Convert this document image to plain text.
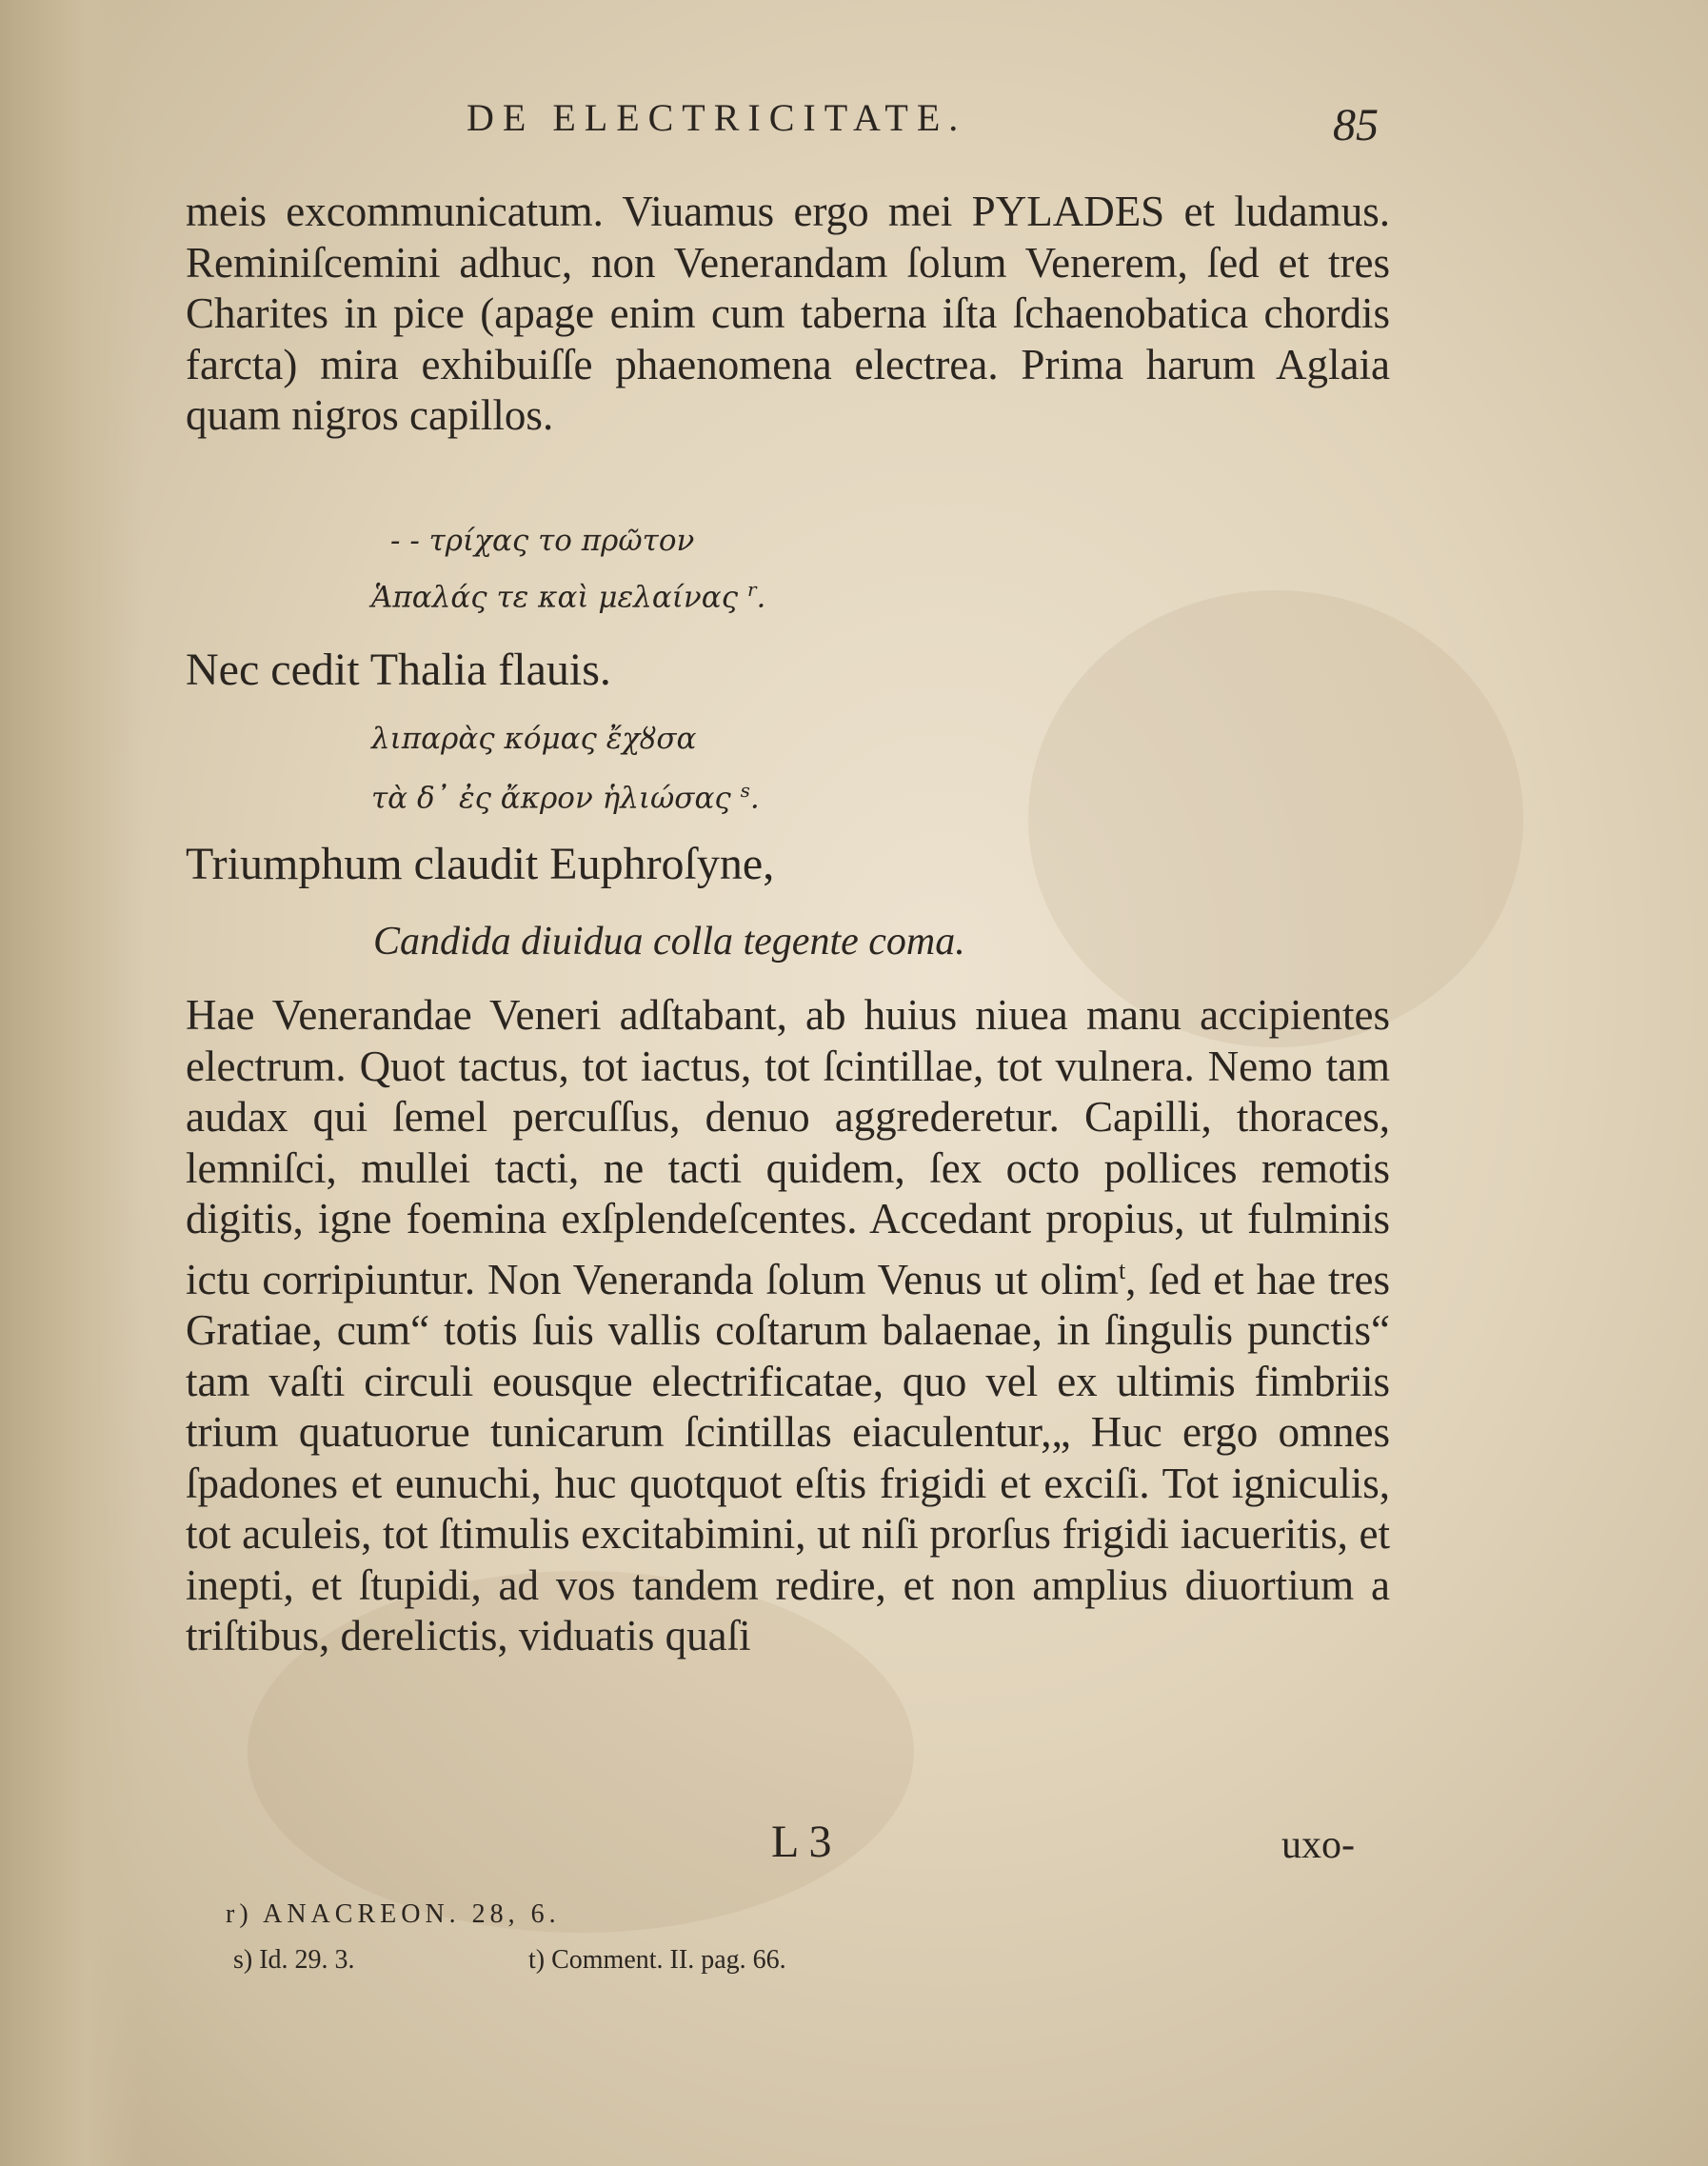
DE ELECTRICITATE.	85
meis excommunicatum. Viuamus ergo mei PYLADES et ludamus. Reminiſcemini adhuc, non Venerandam ſolum Venerem, ſed et tres Charites in pice (apage enim cum taberna iſta ſchaenobatica chordis farcta) mira exhibuiſſe phaenomena electrea. Prima harum Aglaia quam nigros capillos.
- - τρίχας το πρῶτον
Ἁπαλάς τε καὶ μελαίνας $^r$.
Nec cedit Thalia flauis.
λιπαρὰς κόμας ἔχȣσα
τὰ δ᾽ ἐς ἄκρον ἡλιώσας $^s$.
Triumphum claudit Euphroſyne,
Candida diuidua colla tegente coma.
Hae Venerandae Veneri adſtabant, ab huius niuea manu accipientes electrum. Quot tactus, tot iactus, tot ſcintillae, tot vulnera. Nemo tam audax qui ſemel percuſſus, denuo aggrederetur. Capilli, thoraces, lemniſci, mullei tacti, ne tacti quidem, ſex octo pollices remotis digitis, igne foemina exſplendeſcentes. Accedant propius, ut fulminis ictu corripiuntur. Non Veneranda ſolum Venus ut olim$^t$, ſed et hae tres Gratiae, cum“ totis ſuis vallis coſtarum balaenae, in ſingulis punctis“ tam vaſti circuli eousque electrificatae, quo vel ex ultimis fimbriis trium quatuorue tunicarum ſcintillas eiaculentur,„ Huc ergo omnes ſpadones et eunuchi, huc quotquot eſtis frigidi et exciſi. Tot igniculis, tot aculeis, tot ſtimulis excitabimini, ut niſi prorſus frigidi iacueritis, et inepti, et ſtupidi, ad vos tandem redire, et non amplius diuortium a triſtibus, derelictis, viduatis quaſi
L 3	uxo-
r) ANACREON. 28, 6.
s) Id. 29. 3.	t) Comment. II. pag. 66.
